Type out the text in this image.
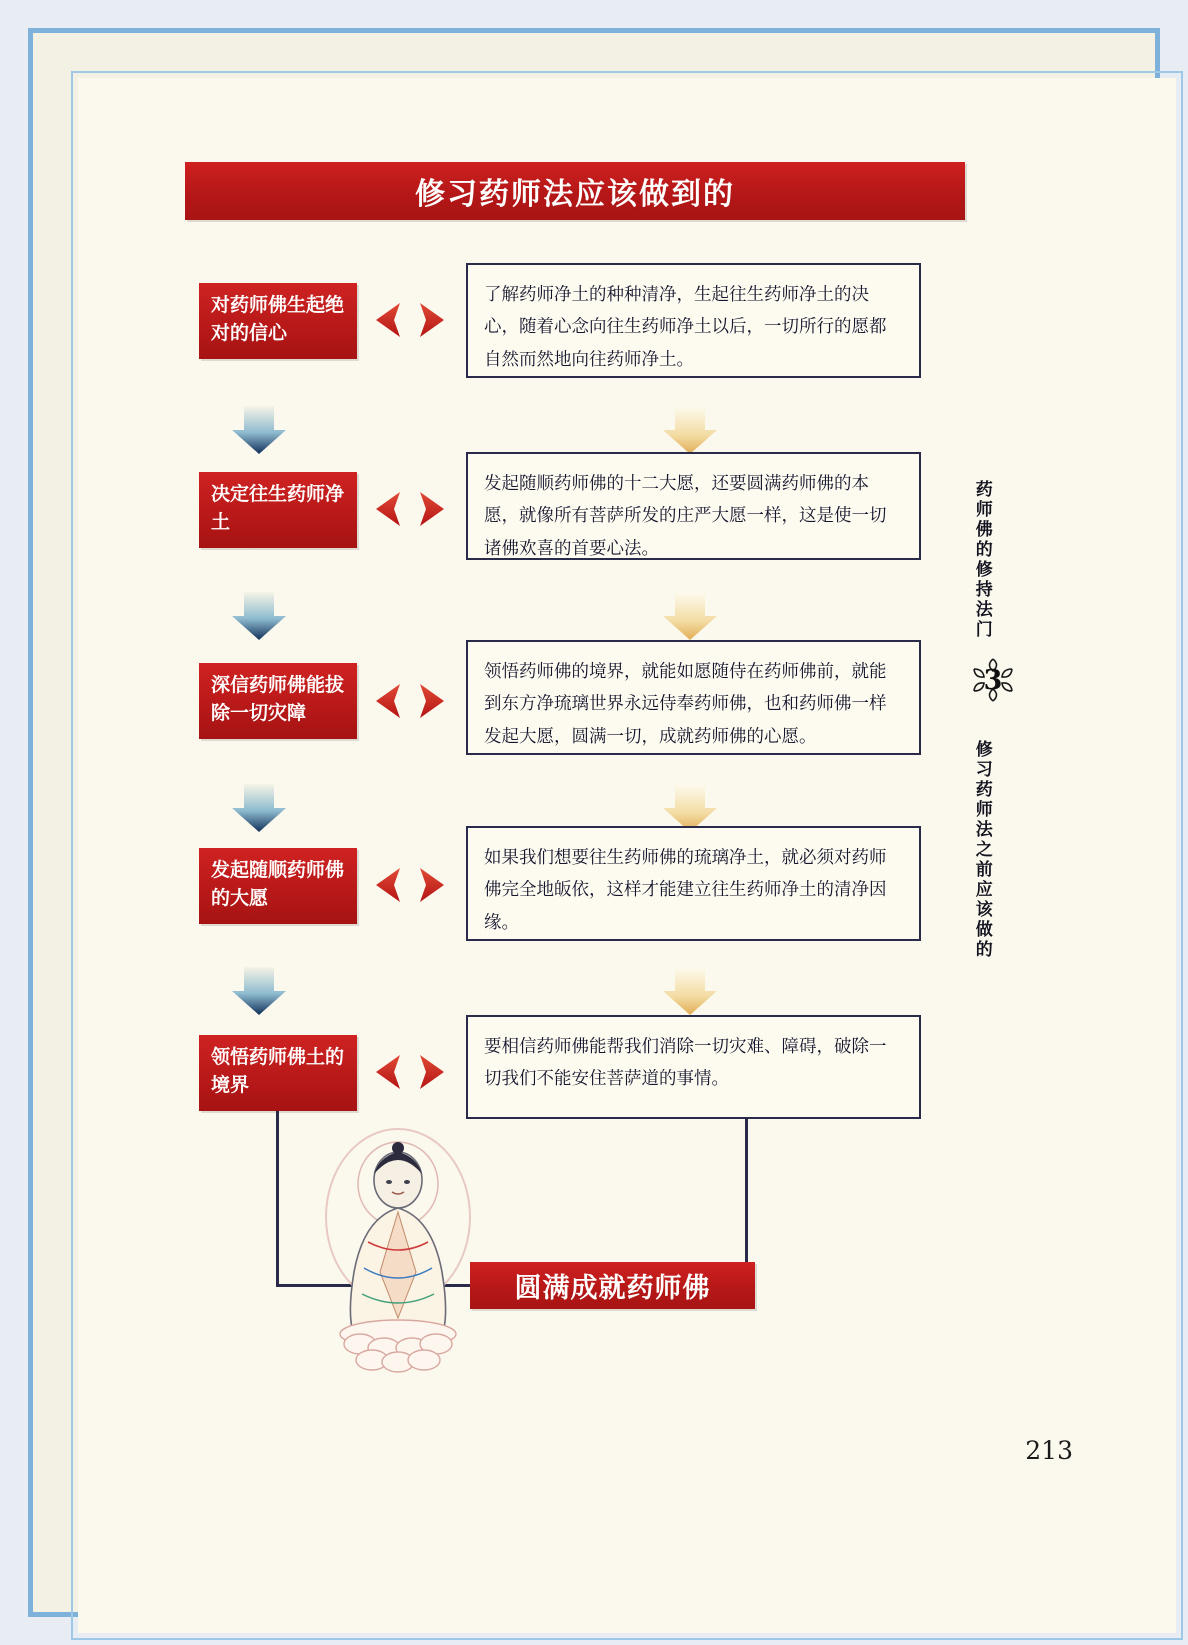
修习药师法应该做到的
对药师佛生起绝对的信心
了解药师净土的种种清净，生起往生药师净土的决心，随着心念向往生药师净土以后，一切所行的愿都自然而然地向往药师净土。
决定往生药师净土
发起随顺药师佛的十二大愿，还要圆满药师佛的本愿，就像所有菩萨所发的庄严大愿一样，这是使一切诸佛欢喜的首要心法。
深信药师佛能拔除一切灾障
领悟药师佛的境界，就能如愿随侍在药师佛前，就能到东方净琉璃世界永远侍奉药师佛，也和药师佛一样发起大愿，圆满一切，成就药师佛的心愿。
发起随顺药师佛的大愿
如果我们想要往生药师佛的琉璃净土，就必须对药师佛完全地皈依，这样才能建立往生药师净土的清净因缘。
领悟药师佛土的境界
要相信药师佛能帮我们消除一切灾难、障碍，破除一切我们不能安住菩萨道的事情。
圆满成就药师佛
药师佛的修持法门
3
修习药师法之前应该做的
213
